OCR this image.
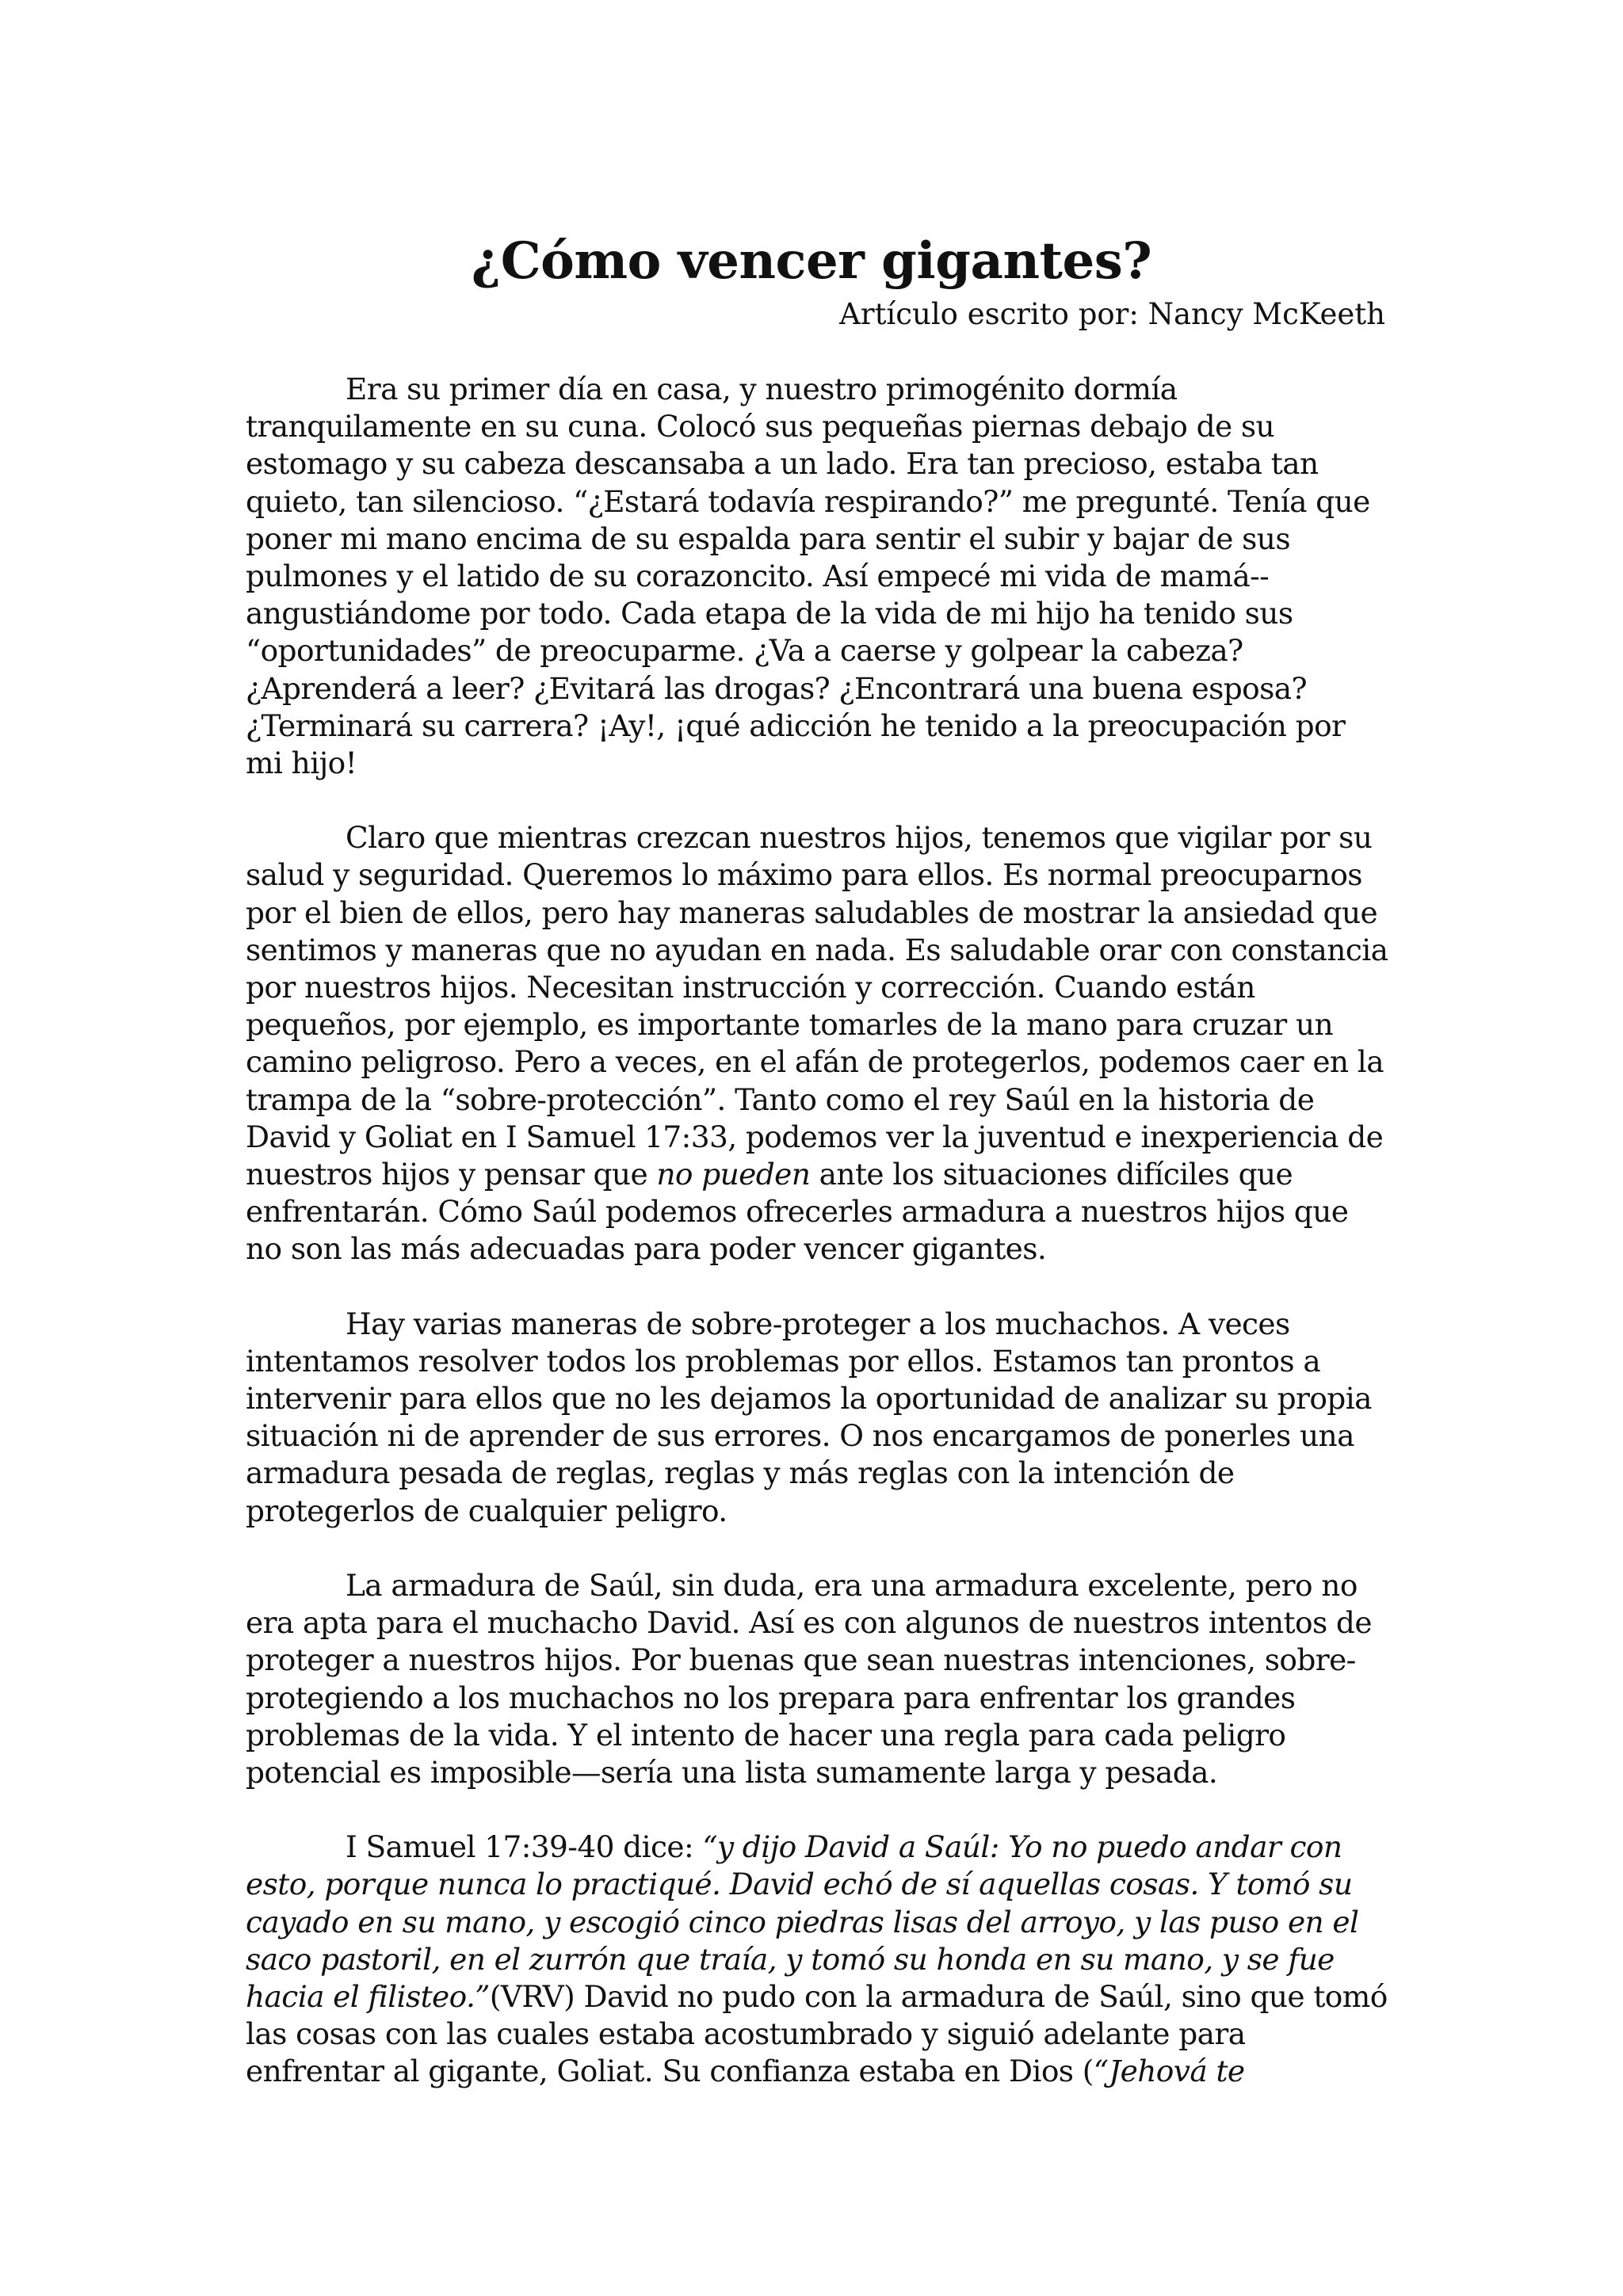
¿Cómo vencer gigantes?
Artículo escrito por: Nancy McKeeth

Era su primer día en casa, y nuestro primogénito dormía tranquilamente en su cuna. Colocó sus pequeñas piernas debajo de su estomago y su cabeza descansaba a un lado. Era tan precioso, estaba tan quieto, tan silencioso. “¿Estará todavía respirando?” me pregunté. Tenía que poner mi mano encima de su espalda para sentir el subir y bajar de sus pulmones y el latido de su corazoncito. Así empecé mi vida de mamá--angustiándome por todo. Cada etapa de la vida de mi hijo ha tenido sus “oportunidades” de preocuparme. ¿Va a caerse y golpear la cabeza? ¿Aprenderá a leer? ¿Evitará las drogas? ¿Encontrará una buena esposa? ¿Terminará su carrera? ¡Ay!, ¡qué adicción he tenido a la preocupación por mi hijo!

Claro que mientras crezcan nuestros hijos, tenemos que vigilar por su salud y seguridad. Queremos lo máximo para ellos. Es normal preocuparnos por el bien de ellos, pero hay maneras saludables de mostrar la ansiedad que sentimos y maneras que no ayudan en nada. Es saludable orar con constancia por nuestros hijos. Necesitan instrucción y corrección. Cuando están pequeños, por ejemplo, es importante tomarles de la mano para cruzar un camino peligroso. Pero a veces, en el afán de protegerlos, podemos caer en la trampa de la “sobre-protección”. Tanto como el rey Saúl en la historia de David y Goliat en I Samuel 17:33, podemos ver la juventud e inexperiencia de nuestros hijos y pensar que no pueden ante los situaciones difíciles que enfrentarán. Cómo Saúl podemos ofrecerles armadura a nuestros hijos que no son las más adecuadas para poder vencer gigantes.

Hay varias maneras de sobre-proteger a los muchachos. A veces intentamos resolver todos los problemas por ellos. Estamos tan prontos a intervenir para ellos que no les dejamos la oportunidad de analizar su propia situación ni de aprender de sus errores. O nos encargamos de ponerles una armadura pesada de reglas, reglas y más reglas con la intención de protegerlos de cualquier peligro.

La armadura de Saúl, sin duda, era una armadura excelente, pero no era apta para el muchacho David. Así es con algunos de nuestros intentos de proteger a nuestros hijos. Por buenas que sean nuestras intenciones, sobre-protegiendo a los muchachos no los prepara para enfrentar los grandes problemas de la vida. Y el intento de hacer una regla para cada peligro potencial es imposible—sería una lista sumamente larga y pesada.

I Samuel 17:39-40 dice: “y dijo David a Saúl: Yo no puedo andar con esto, porque nunca lo practiqué. David echó de sí aquellas cosas. Y tomó su cayado en su mano, y escogió cinco piedras lisas del arroyo, y las puso en el saco pastoril, en el zurrón que traía, y tomó su honda en su mano, y se fue hacia el filisteo.”(VRV) David no pudo con la armadura de Saúl, sino que tomó las cosas con las cuales estaba acostumbrado y siguió adelante para enfrentar al gigante, Goliat. Su confianza estaba en Dios (“Jehová te
